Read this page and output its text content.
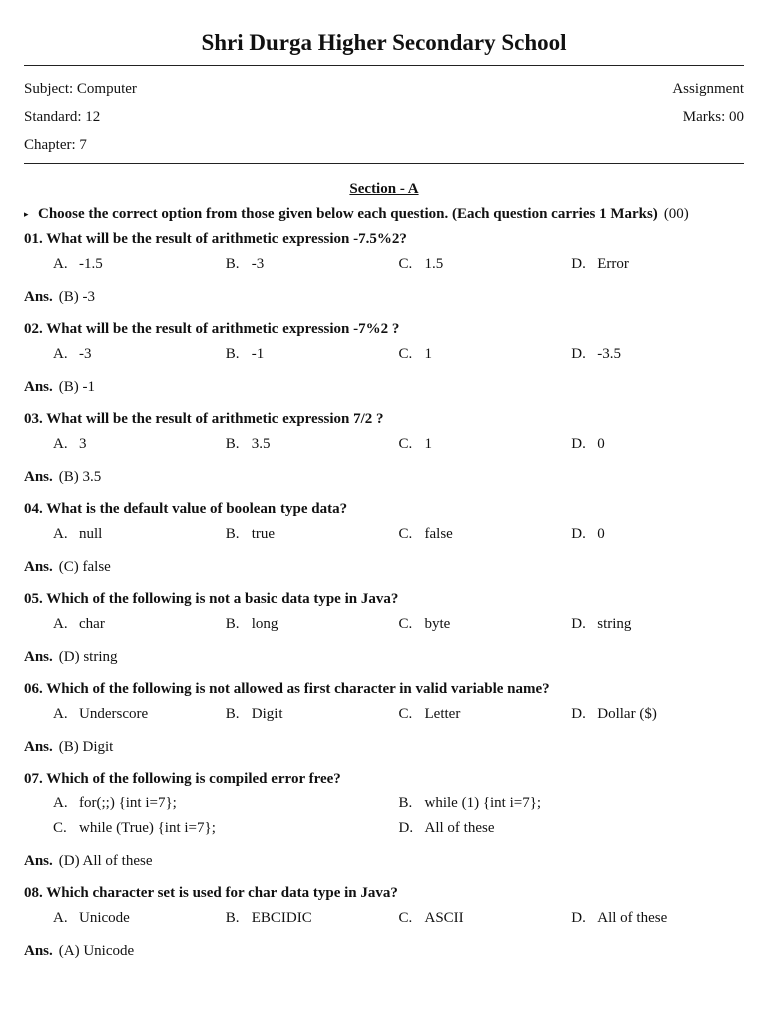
Shri Durga Higher Secondary School
Subject: Computer	Assignment
Standard: 12	Marks: 00
Chapter: 7
Section - A
▸ Choose the correct option from those given below each question. (Each question carries 1 Marks) (00)
01. What will be the result of arithmetic expression -7.5%2?
A. -1.5	B. -3	C. 1.5	D. Error
Ans. (B) -3
02. What will be the result of arithmetic expression -7%2 ?
A. -3	B. -1	C. 1	D. -3.5
Ans. (B) -1
03. What will be the result of arithmetic expression 7/2 ?
A. 3	B. 3.5	C. 1	D. 0
Ans. (B) 3.5
04. What is the default value of boolean type data?
A. null	B. true	C. false	D. 0
Ans. (C) false
05. Which of the following is not a basic data type in Java?
A. char	B. long	C. byte	D. string
Ans. (D) string
06. Which of the following is not allowed as first character in valid variable name?
A. Underscore	B. Digit	C. Letter	D. Dollar ($)
Ans. (B) Digit
07. Which of the following is compiled error free?
A. for(;;) {int i=7};	B. while (1) {int i=7};
C. while (True) {int i=7};	D. All of these
Ans. (D) All of these
08. Which character set is used for char data type in Java?
A. Unicode	B. EBCIDIC	C. ASCII	D. All of these
Ans. (A) Unicode
